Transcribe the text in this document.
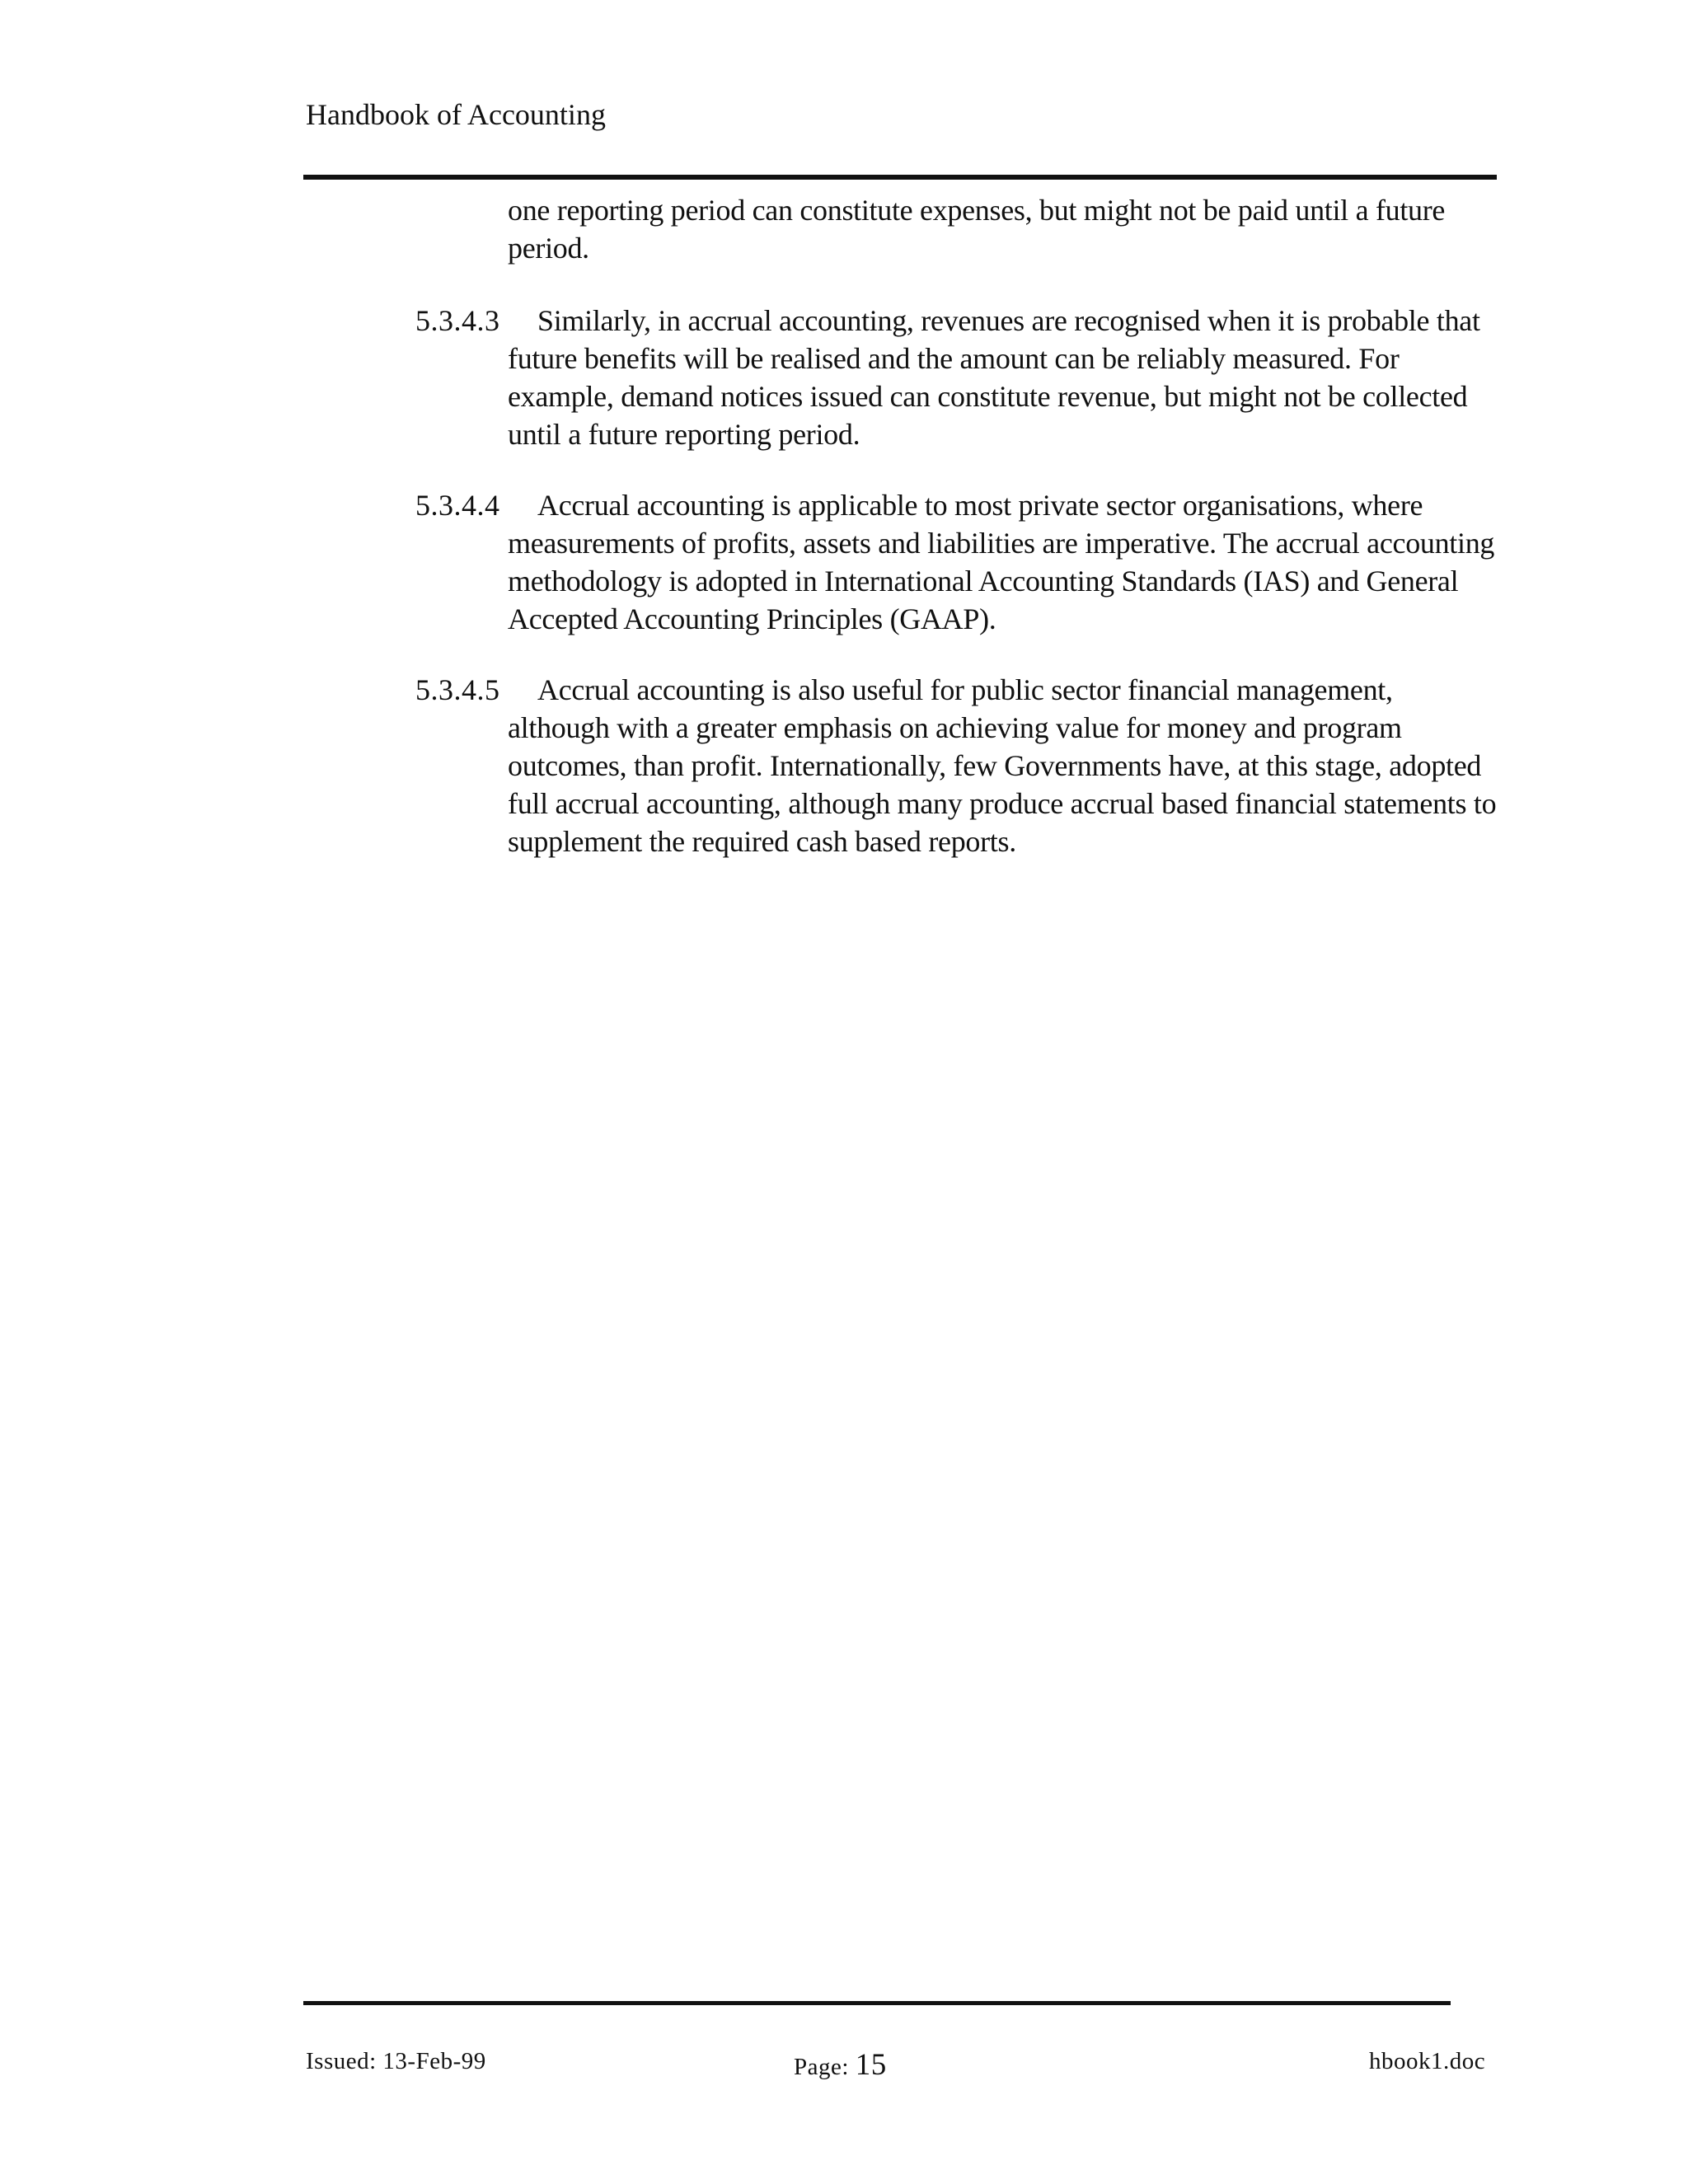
Handbook of Accounting

one reporting period can constitute expenses, but might not be paid until a future period.

5.3.4.3	Similarly, in accrual accounting, revenues are recognised when it is probable that future benefits will be realised and the amount can be reliably measured. For example, demand notices issued can constitute revenue, but might not be collected until a future reporting period.

5.3.4.4	Accrual accounting is applicable to most private sector organisations, where measurements of profits, assets and liabilities are imperative. The accrual accounting methodology is adopted in International Accounting Standards (IAS) and General Accepted Accounting Principles (GAAP).

5.3.4.5	Accrual accounting is also useful for public sector financial management, although with a greater emphasis on achieving value for money and program outcomes, than profit. Internationally, few Governments have, at this stage, adopted full accrual accounting, although many produce accrual based financial statements to supplement the required cash based reports.

Issued: 13-Feb-99	Page: 15	hbook1.doc
